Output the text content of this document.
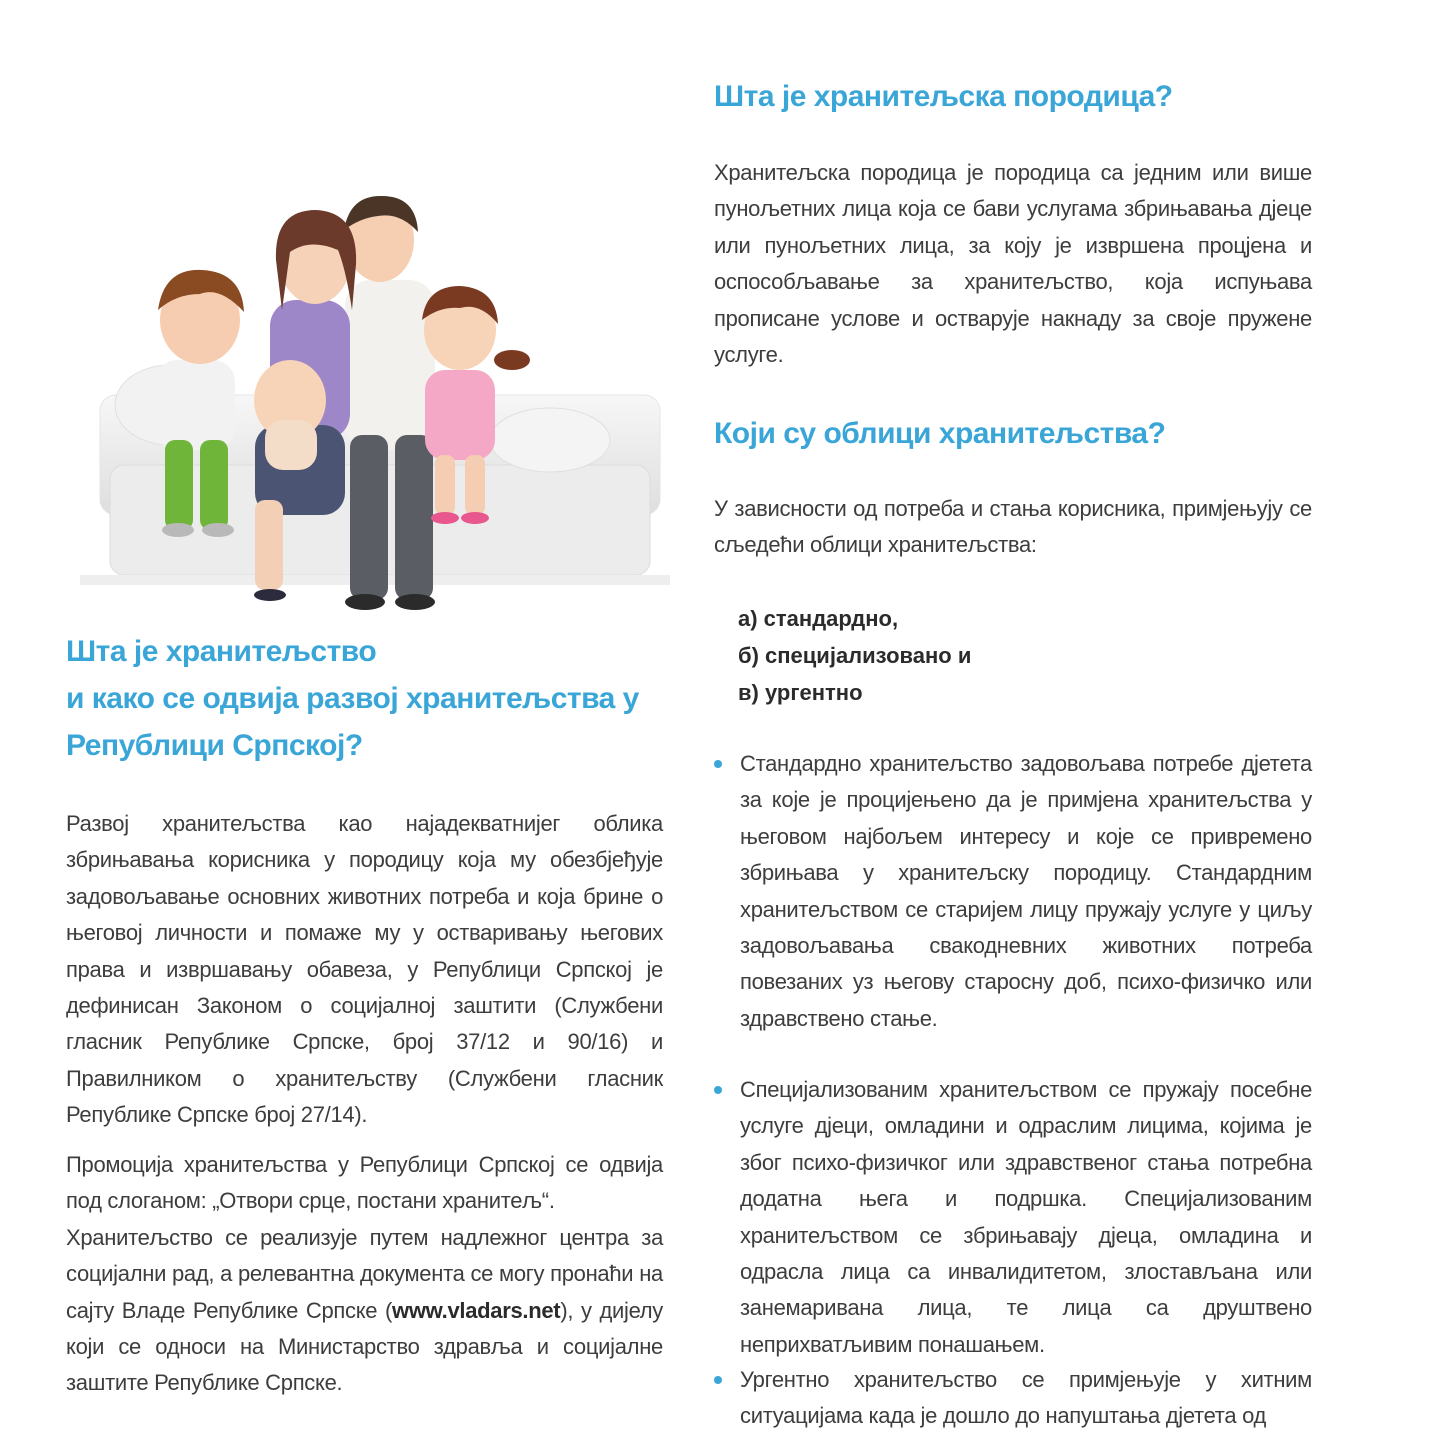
Шта је хранитељство
и како се одвија развој хранитељства у
Републици Српској?

Развој хранитељства као најадекватнијег облика збрињавања корисника у породицу која му обезбјеђује задовољавање основних животних потреба и која брине о његовој личности и помаже му у остваривању његових права и извршавању обавеза, у Републици Српској је дефинисан Законом о социјалној заштити (Службени гласник Републике Српске, број 37/12 и 90/16) и Правилником о хранитељству (Службени гласник Републике Српске број 27/14).

Промоција хранитељства у Републици Српској се одвија под слоганом: „Отвори срце, постани хранитељ“.

Хранитељство се реализује путем надлежног центра за социјални рад, а релевантна документа се могу пронаћи на сајту Владе Републике Српске (www.vladars.net), у дијелу који се односи на Министарство здравља и социјалне заштите Републике Српске.

Шта је хранитељска породица?

Хранитељска породица је породица са једним или више пунољетних лица која се бави услугама збрињавања дјеце или пунољетних лица, за коју је извршена процјена и оспособљавање за хранитељство, која испуњава прописане услове и остварује накнаду за своје пружене услуге.

Који су облици хранитељства?

У зависности од потреба и стања корисника, примјењују се сљедећи облици хранитељства:

а) стандардно,
б) специјализовано и
в) ургентно

Стандардно хранитељство задовољава потребе дјетета за које је процијењено да је примјена хранитељства у његовом најбољем интересу и које се привремено збрињава у хранитељску породицу. Стандардним хранитељством се старијем лицу пружају услуге у циљу задовољавања свакодневних животних потреба повезаних уз његову старосну доб, психо-физичко или здравствено стање.

Специјализованим хранитељством се пружају посебне услуге дјеци, омладини и одраслим лицима, којима је због психо-физичког или здравственог стања потребна додатна њега и подршка. Специјализованим хранитељством се збрињавају дјеца, омладина и одрасла лица са инвалидитетом, злостављана или занемаривана лица, те лица са друштвено неприхватљивим понашањем.

Ургентно хранитељство се примјењује у хитним ситуацијама када је дошло до напуштања дјетета од
